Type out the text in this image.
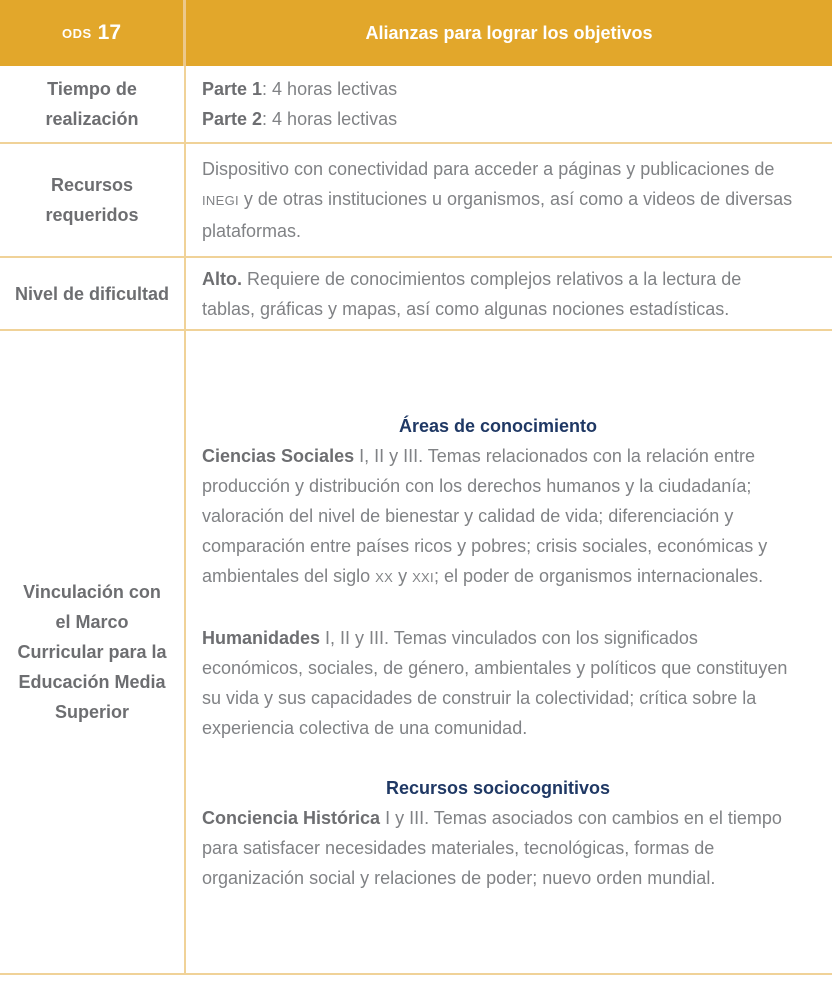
ODS 17	Alianzas para lograr los objetivos
Tiempo de realización

Parte 1: 4 horas lectivas

Parte 2: 4 horas lectivas

Recursos requeridos

Dispositivo con conectividad para acceder a páginas y publicaciones de INEGI y de otras instituciones u organismos, así como a videos de diversas plataformas.

Nivel de dificultad

Alto. Requiere de conocimientos complejos relativos a la lectura de tablas, gráficas y mapas, así como algunas nociones estadísticas.

Vinculación con el Marco Curricular para la Educación Media Superior
Áreas de conocimiento

Ciencias Sociales I, II y III. Temas relacionados con la relación entre producción y distribución con los derechos humanos y la ciudadanía; valoración del nivel de bienestar y calidad de vida; diferenciación y comparación entre países ricos y pobres; crisis sociales, económicas y ambientales del siglo XX y XXI; el poder de organismos internacionales.

Humanidades I, II y III. Temas vinculados con los significados económicos, sociales, de género, ambientales y políticos que constituyen su vida y sus capacidades de construir la colectividad; crítica sobre la experiencia colectiva de una comunidad.

Recursos sociocognitivos

Conciencia Histórica I y III. Temas asociados con cambios en el tiempo para satisfacer necesidades materiales, tecnológicas, formas de organización social y relaciones de poder; nuevo orden mundial.
